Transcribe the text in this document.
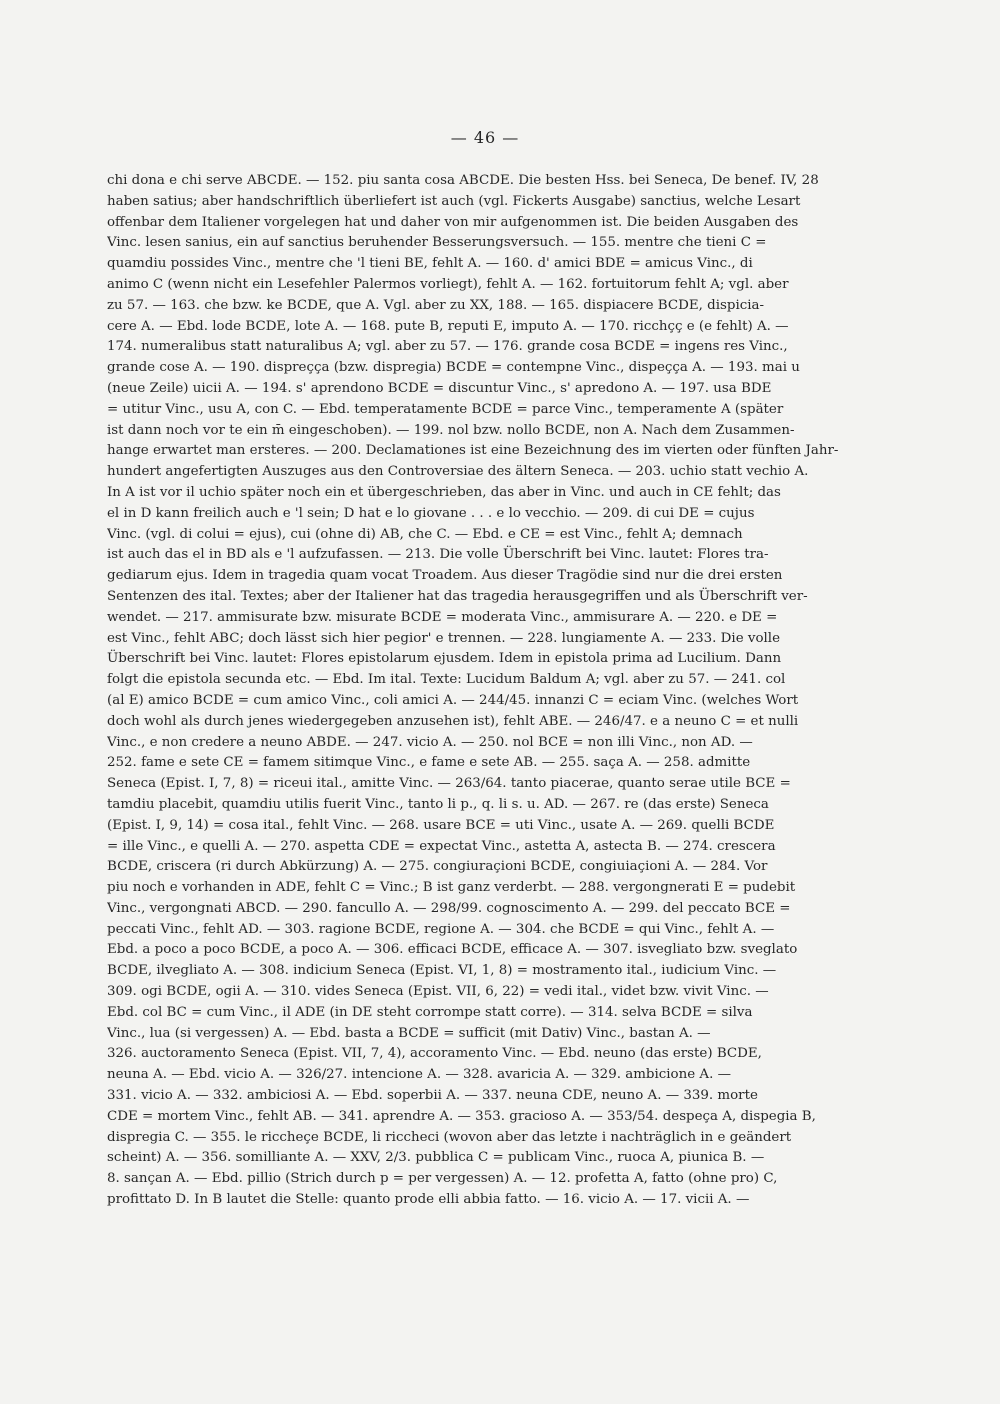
— 46 —
chi dona e chi serve ABCDE. — 152. piu santa cosa ABCDE. Die besten Hss. bei Seneca, De benef. IV, 28
haben satius; aber handschriftlich überliefert ist auch (vgl. Fickerts Ausgabe) sanctius, welche Lesart
offenbar dem Italiener vorgelegen hat und daher von mir aufgenommen ist. Die beiden Ausgaben des
Vinc. lesen sanius, ein auf sanctius beruhender Besserungsversuch. — 155. mentre che tieni C =
quamdiu possides Vinc., mentre che 'l tieni BE, fehlt A. — 160. d' amici BDE = amicus Vinc., di
animo C (wenn nicht ein Lesefehler Palermos vorliegt), fehlt A. — 162. fortuitorum fehlt A; vgl. aber
zu 57. — 163. che bzw. ke BCDE, que A. Vgl. aber zu XX, 188. — 165. dispiacere BCDE, dispicia-
cere A. — Ebd. lode BCDE, lote A. — 168. pute B, reputi E, imputo A. — 170. ricchçç e (e fehlt) A. —
174. numeralibus statt naturalibus A; vgl. aber zu 57. — 176. grande cosa BCDE = ingens res Vinc.,
grande cose A. — 190. dispreçça (bzw. dispregia) BCDE = contempne Vinc., dispeçça A. — 193. mai u
(neue Zeile) uicii A. — 194. s' aprendono BCDE = discuntur Vinc., s' apredono A. — 197. usa BDE
= utitur Vinc., usu A, con C. — Ebd. temperatamente BCDE = parce Vinc., temperamente A (später
ist dann noch vor te ein m̄ eingeschoben). — 199. nol bzw. nollo BCDE, non A. Nach dem Zusammen-
hange erwartet man ersteres. — 200. Declamationes ist eine Bezeichnung des im vierten oder fünften Jahr-
hundert angefertigten Auszuges aus den Controversiae des ältern Seneca. — 203. uchio statt vechio A.
In A ist vor il uchio später noch ein et übergeschrieben, das aber in Vinc. und auch in CE fehlt; das
el in D kann freilich auch e 'l sein; D hat e lo giovane . . . e lo vecchio. — 209. di cui DE = cujus
Vinc. (vgl. di colui = ejus), cui (ohne di) AB, che C. — Ebd. e CE = est Vinc., fehlt A; demnach
ist auch das el in BD als e 'l aufzufassen. — 213. Die volle Überschrift bei Vinc. lautet: Flores tra-
gediarum ejus. Idem in tragedia quam vocat Troadem. Aus dieser Tragödie sind nur die drei ersten
Sentenzen des ital. Textes; aber der Italiener hat das tragedia herausgegriffen und als Überschrift ver-
wendet. — 217. ammisurate bzw. misurate BCDE = moderata Vinc., ammisurare A. — 220. e DE =
est Vinc., fehlt ABC; doch lässt sich hier pegior' e trennen. — 228. lungiamente A. — 233. Die volle
Überschrift bei Vinc. lautet: Flores epistolarum ejusdem. Idem in epistola prima ad Lucilium. Dann
folgt die epistola secunda etc. — Ebd. Im ital. Texte: Lucidum Baldum A; vgl. aber zu 57. — 241. col
(al E) amico BCDE = cum amico Vinc., coli amici A. — 244/45. innanzi C = eciam Vinc. (welches Wort
doch wohl als durch jenes wiedergegeben anzusehen ist), fehlt ABE. — 246/47. e a neuno C = et nulli
Vinc., e non credere a neuno ABDE. — 247. vicio A. — 250. nol BCE = non illi Vinc., non AD. —
252. fame e sete CE = famem sitimque Vinc., e fame e sete AB. — 255. saça A. — 258. admitte
Seneca (Epist. I, 7, 8) = riceui ital., amitte Vinc. — 263/64. tanto piacerae, quanto serae utile BCE =
tamdiu placebit, quamdiu utilis fuerit Vinc., tanto li p., q. li s. u. AD. — 267. re (das erste) Seneca
(Epist. I, 9, 14) = cosa ital., fehlt Vinc. — 268. usare BCE = uti Vinc., usate A. — 269. quelli BCDE
= ille Vinc., e quelli A. — 270. aspetta CDE = expectat Vinc., astetta A, astecta B. — 274. crescera
BCDE, criscera (ri durch Abkürzung) A. — 275. congiuraçioni BCDE, congiuiaçioni A. — 284. Vor
piu noch e vorhanden in ADE, fehlt C = Vinc.; B ist ganz verderbt. — 288. vergongnerati E = pudebit
Vinc., vergongnati ABCD. — 290. fancullo A. — 298/99. cognoscimento A. — 299. del peccato BCE =
peccati Vinc., fehlt AD. — 303. ragione BCDE, regione A. — 304. che BCDE = qui Vinc., fehlt A. —
Ebd. a poco a poco BCDE, a poco A. — 306. efficaci BCDE, efficace A. — 307. isvegliato bzw. sveglato
BCDE, ilvegliato A. — 308. indicium Seneca (Epist. VI, 1, 8) = mostramento ital., iudicium Vinc. —
309. ogi BCDE, ogii A. — 310. vides Seneca (Epist. VII, 6, 22) = vedi ital., videt bzw. vivit Vinc. —
Ebd. col BC = cum Vinc., il ADE (in DE steht corrompe statt corre). — 314. selva BCDE = silva
Vinc., lua (si vergessen) A. — Ebd. basta a BCDE = sufficit (mit Dativ) Vinc., bastan A. —
326. auctoramento Seneca (Epist. VII, 7, 4), accoramento Vinc. — Ebd. neuno (das erste) BCDE,
neuna A. — Ebd. vicio A. — 326/27. intencione A. — 328. avaricia A. — 329. ambicione A. —
331. vicio A. — 332. ambiciosi A. — Ebd. soperbii A. — 337. neuna CDE, neuno A. — 339. morte
CDE = mortem Vinc., fehlt AB. — 341. aprendre A. — 353. gracioso A. — 353/54. despeça A, dispegia B,
dispregia C. — 355. le riccheçe BCDE, li riccheci (wovon aber das letzte i nachträglich in e geändert
scheint) A. — 356. somilliante A. — XXV, 2/3. pubblica C = publicam Vinc., ruoca A, piunica B. —
8. sançan A. — Ebd. pillio (Strich durch p = per vergessen) A. — 12. profetta A, fatto (ohne pro) C,
profittato D. In B lautet die Stelle: quanto prode elli abbia fatto. — 16. vicio A. — 17. vicii A. —
